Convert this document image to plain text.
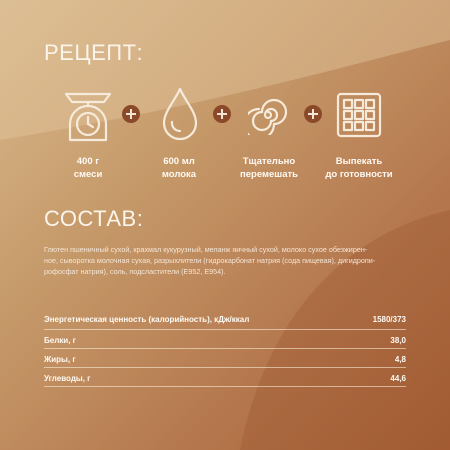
РЕЦЕПТ:
400 г
смеси
600 мл
молока
Тщательно
перемешать
Выпекать
до готовности
СОСТАВ:

Глютен пшеничный сухой, крахмал кукурузный, меланж яичный сухой, молоко сухое обезжирен-
ное, сыворотка молочная сухая, разрыхлители (гидрокарбонат натрия (сода пищевая), дигидропи-
рофосфат натрия), соль, подсластители (Е952, Е954).

Энергетическая ценность (калорийность), кДж/ккал	1580/373
Белки, г	38,0
Жиры, г	4,8
Углеводы, г	44,6
